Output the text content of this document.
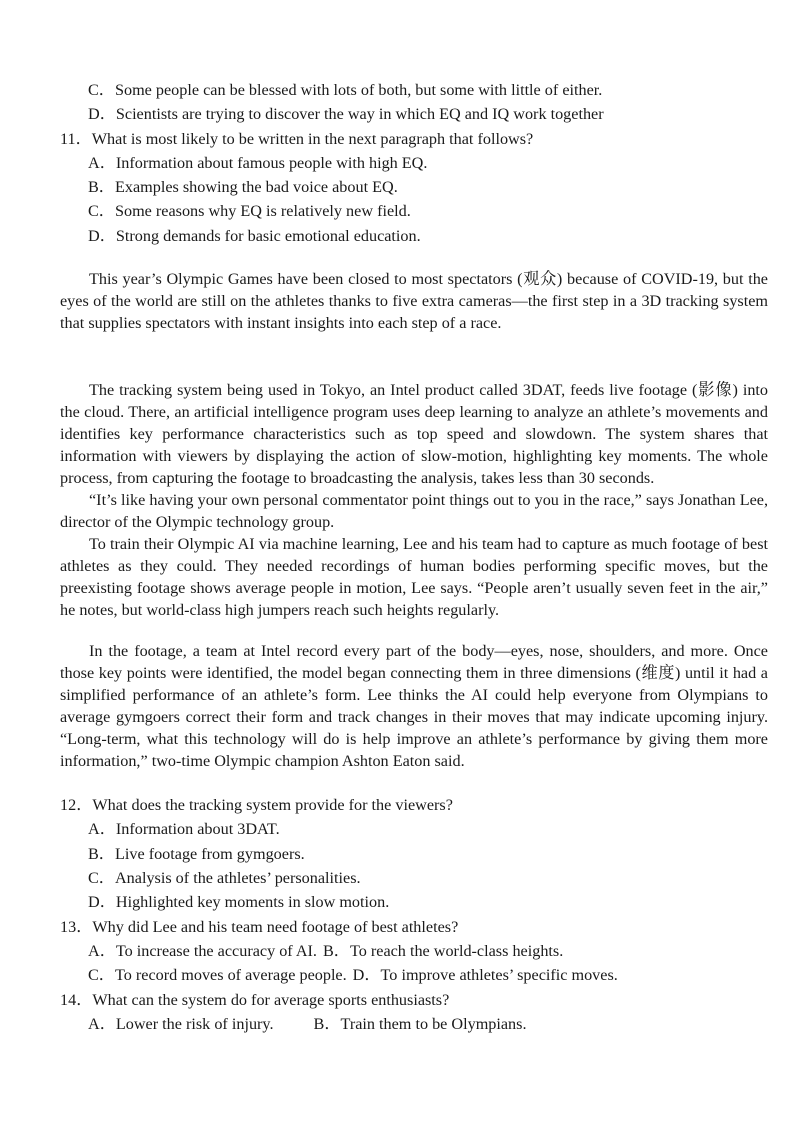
C．Some people can be blessed with lots of both, but some with little of either.
D．Scientists are trying to discover the way in which EQ and IQ work together
11．What is most likely to be written in the next paragraph that follows?
A．Information about famous people with high EQ.
B．Examples showing the bad voice about EQ.
C．Some reasons why EQ is relatively new field.
D．Strong demands for basic emotional education.

This year’s Olympic Games have been closed to most spectators (观众) because of COVID-19, but the eyes of the world are still on the athletes thanks to five extra cameras—the first step in a 3D tracking system that supplies spectators with instant insights into each step of a race.

The tracking system being used in Tokyo, an Intel product called 3DAT, feeds live footage (影像) into the cloud. There, an artificial intelligence program uses deep learning to analyze an athlete’s movements and identifies key performance characteristics such as top speed and slowdown. The system shares that information with viewers by displaying the action of slow-motion, highlighting key moments. The whole process, from capturing the footage to broadcasting the analysis, takes less than 30 seconds.

“It’s like having your own personal commentator point things out to you in the race,” says Jonathan Lee, director of the Olympic technology group.

To train their Olympic AI via machine learning, Lee and his team had to capture as much footage of best athletes as they could. They needed recordings of human bodies performing specific moves, but the preexisting footage shows average people in motion, Lee says. “People aren’t usually seven feet in the air,” he notes, but world-class high jumpers reach such heights regularly.

In the footage, a team at Intel record every part of the body—eyes, nose, shoulders, and more. Once those key points were identified, the model began connecting them in three dimensions (维度) until it had a simplified performance of an athlete’s form. Lee thinks the AI could help everyone from Olympians to average gymgoers correct their form and track changes in their moves that may indicate upcoming injury. “Long-term, what this technology will do is help improve an athlete’s performance by giving them more information,” two-time Olympic champion Ashton Eaton said.

12．What does the tracking system provide for the viewers?
A．Information about 3DAT.
B．Live footage from gymgoers.
C．Analysis of the athletes’ personalities.
D．Highlighted key moments in slow motion.
13．Why did Lee and his team need footage of best athletes?
A．To increase the accuracy of AI. B．To reach the world-class heights.
C．To record moves of average people. D．To improve athletes’ specific moves.
14．What can the system do for average sports enthusiasts?
A．Lower the risk of injury. B．Train them to be Olympians.
